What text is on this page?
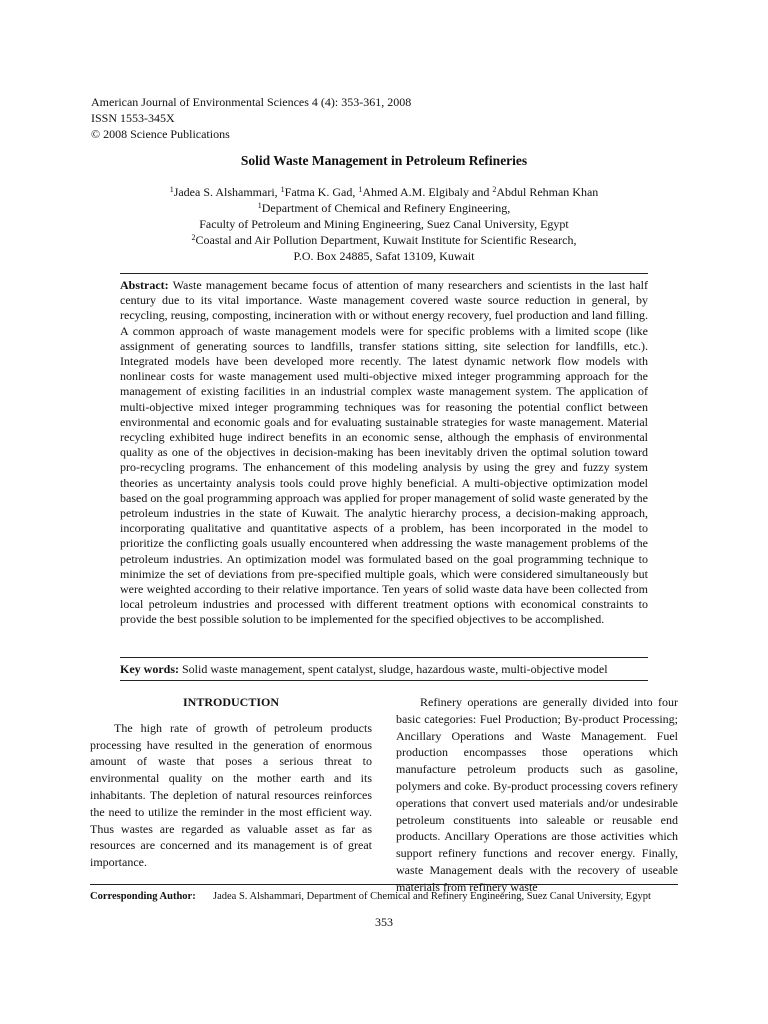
American Journal of Environmental Sciences 4 (4): 353-361, 2008
ISSN 1553-345X
© 2008 Science Publications
Solid Waste Management in Petroleum Refineries
$^1$Jadea S. Alshammari, $^1$Fatma K. Gad, $^1$Ahmed A.M. Elgibaly and $^2$Abdul Rehman Khan
$^1$Department of Chemical and Refinery Engineering,
Faculty of Petroleum and Mining Engineering, Suez Canal University, Egypt
$^2$Coastal and Air Pollution Department, Kuwait Institute for Scientific Research,
P.O. Box 24885, Safat 13109, Kuwait
Abstract: Waste management became focus of attention of many researchers and scientists in the last half century due to its vital importance. Waste management covered waste source reduction in general, by recycling, reusing, composting, incineration with or without energy recovery, fuel production and land filling. A common approach of waste management models were for specific problems with a limited scope (like assignment of generating sources to landfills, transfer stations sitting, site selection for landfills, etc.). Integrated models have been developed more recently. The latest dynamic network flow models with nonlinear costs for waste management used multi-objective mixed integer programming approach for the management of existing facilities in an industrial complex waste management system. The application of multi-objective mixed integer programming techniques was for reasoning the potential conflict between environmental and economic goals and for evaluating sustainable strategies for waste management. Material recycling exhibited huge indirect benefits in an economic sense, although the emphasis of environmental quality as one of the objectives in decision-making has been inevitably driven the optimal solution toward pro-recycling programs. The enhancement of this modeling analysis by using the grey and fuzzy system theories as uncertainty analysis tools could prove highly beneficial. A multi-objective optimization model based on the goal programming approach was applied for proper management of solid waste generated by the petroleum industries in the state of Kuwait. The analytic hierarchy process, a decision-making approach, incorporating qualitative and quantitative aspects of a problem, has been incorporated in the model to prioritize the conflicting goals usually encountered when addressing the waste management problems of the petroleum industries. An optimization model was formulated based on the goal programming technique to minimize the set of deviations from pre-specified multiple goals, which were considered simultaneously but were weighted according to their relative importance. Ten years of solid waste data have been collected from local petroleum industries and processed with different treatment options with economical constraints to provide the best possible solution to be implemented for the specified objectives to be accomplished.
Key words: Solid waste management, spent catalyst, sludge, hazardous waste, multi-objective model
INTRODUCTION

The high rate of growth of petroleum products processing have resulted in the generation of enormous amount of waste that poses a serious threat to environmental quality on the mother earth and its inhabitants. The depletion of natural resources reinforces the need to utilize the reminder in the most efficient way. Thus wastes are regarded as valuable asset as far as resources are concerned and its management is of great importance.

Refinery operations are generally divided into four basic categories: Fuel Production; By-product Processing; Ancillary Operations and Waste Management. Fuel production encompasses those operations which manufacture petroleum products such as gasoline, polymers and coke. By-product processing covers refinery operations that convert used materials and/or undesirable petroleum constituents into saleable or reusable end products. Ancillary Operations are those activities which support refinery functions and recover energy. Finally, waste Management deals with the recovery of useable materials from refinery waste

Corresponding Author: Jadea S. Alshammari, Department of Chemical and Refinery Engineering, Suez Canal University, Egypt
353
